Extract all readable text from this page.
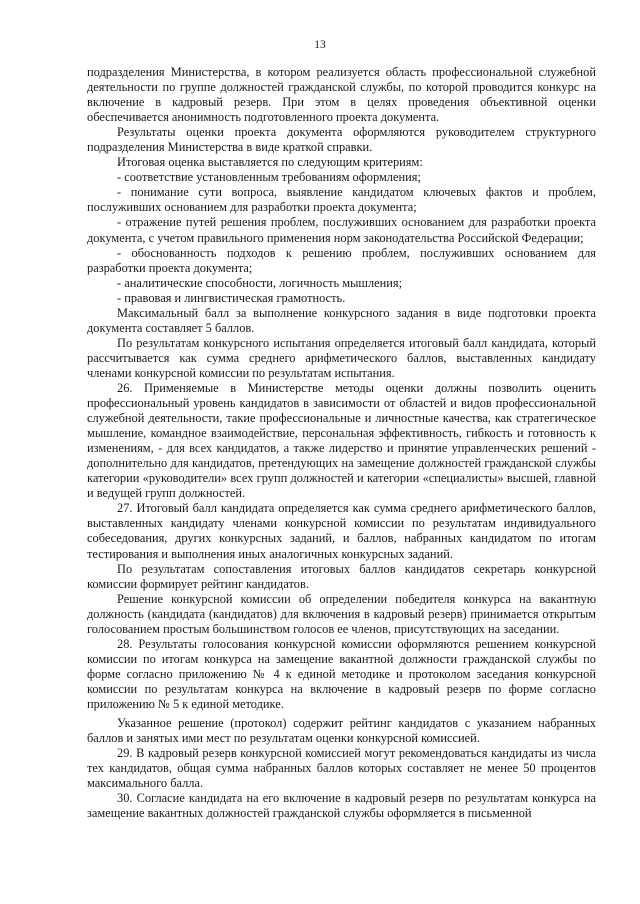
13

подразделения Министерства, в котором реализуется область профессиональной служебной деятельности по группе должностей гражданской службы, по которой проводится конкурс на включение в кадровый резерв. При этом в целях проведения объективной оценки обеспечивается анонимность подготовленного проекта документа.

Результаты оценки проекта документа оформляются руководителем структурного подразделения Министерства в виде краткой справки.

Итоговая оценка выставляется по следующим критериям:

- соответствие установленным требованиям оформления;

- понимание сути вопроса, выявление кандидатом ключевых фактов и проблем, послуживших основанием для разработки проекта документа;

- отражение путей решения проблем, послуживших основанием для разработки проекта документа, с учетом правильного применения норм законодательства Российской Федерации;

- обоснованность подходов к решению проблем, послуживших основанием для разработки проекта документа;

- аналитические способности, логичность мышления;

- правовая и лингвистическая грамотность.

Максимальный балл за выполнение конкурсного задания в виде подготовки проекта документа составляет 5 баллов.

По результатам конкурсного испытания определяется итоговый балл кандидата, который рассчитывается как сумма среднего арифметического баллов, выставленных кандидату членами конкурсной комиссии по результатам испытания.

26. Применяемые в Министерстве методы оценки должны позволить оценить профессиональный уровень кандидатов в зависимости от областей и видов профессиональной служебной деятельности, такие профессиональные и личностные качества, как стратегическое мышление, командное взаимодействие, персональная эффективность, гибкость и готовность к изменениям, - для всех кандидатов, а также лидерство и принятие управленческих решений - дополнительно для кандидатов, претендующих на замещение должностей гражданской службы категории «руководители» всех групп должностей и категории «специалисты» высшей, главной и ведущей групп должностей.

27. Итоговый балл кандидата определяется как сумма среднего арифметического баллов, выставленных кандидату членами конкурсной комиссии по результатам индивидуального собеседования, других конкурсных заданий, и баллов, набранных кандидатом по итогам тестирования и выполнения иных аналогичных конкурсных заданий.

По результатам сопоставления итоговых баллов кандидатов секретарь конкурсной комиссии формирует рейтинг кандидатов.

Решение конкурсной комиссии об определении победителя конкурса на вакантную должность (кандидата (кандидатов) для включения в кадровый резерв) принимается открытым голосованием простым большинством голосов ее членов, присутствующих на заседании.

28. Результаты голосования конкурсной комиссии оформляются решением конкурсной комиссии по итогам конкурса на замещение вакантной должности гражданской службы по форме согласно приложению № 4 к единой методике и протоколом заседания конкурсной комиссии по результатам конкурса на включение в кадровый резерв по форме согласно приложению № 5 к единой методике.

Указанное решение (протокол) содержит рейтинг кандидатов с указанием набранных баллов и занятых ими мест по результатам оценки конкурсной комиссией.

29. В кадровый резерв конкурсной комиссией могут рекомендоваться кандидаты из числа тех кандидатов, общая сумма набранных баллов которых составляет не менее 50 процентов максимального балла.

30. Согласие кандидата на его включение в кадровый резерв по результатам конкурса на замещение вакантных должностей гражданской службы оформляется в письменной
